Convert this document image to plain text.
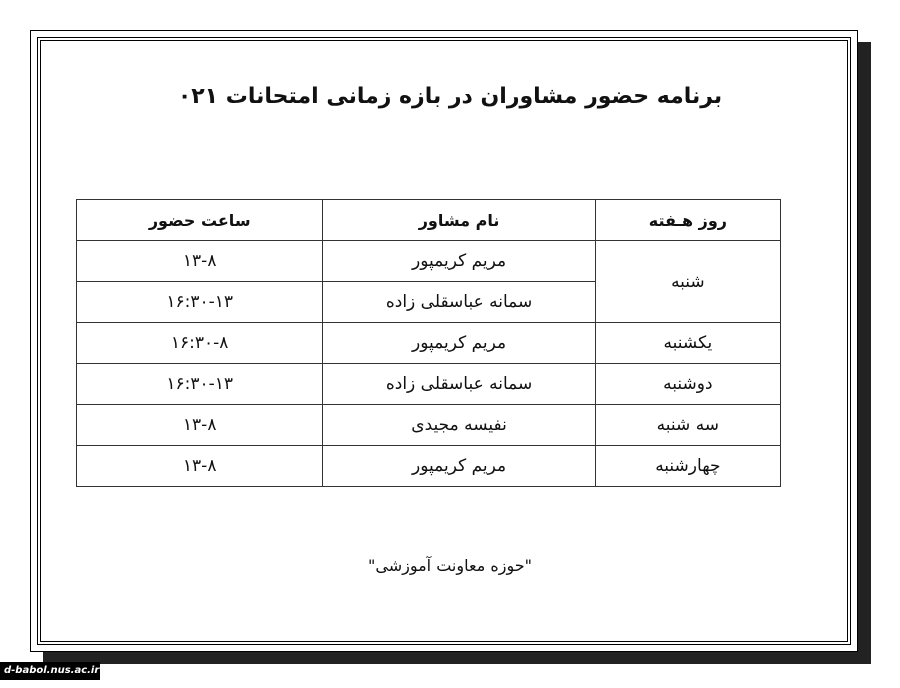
برنامه حضور مشاوران در بازه زمانی امتحانات ۰۲۱
روز هـفته	نام مشاور	ساعت حضور
شنبه	مریم کریمپور	۱۳-۸
	سمانه عباسقلی زاده	۱۶:۳۰-۱۳
یکشنبه	مریم کریمپور	۱۶:۳۰-۸
دوشنبه	سمانه عباسقلی زاده	۱۶:۳۰-۱۳
سه شنبه	نفیسه مجیدی	۱۳-۸
چهارشنبه	مریم کریمپور	۱۳-۸
"حوزه معاونت آموزشی"
d-babol.nus.ac.ir
